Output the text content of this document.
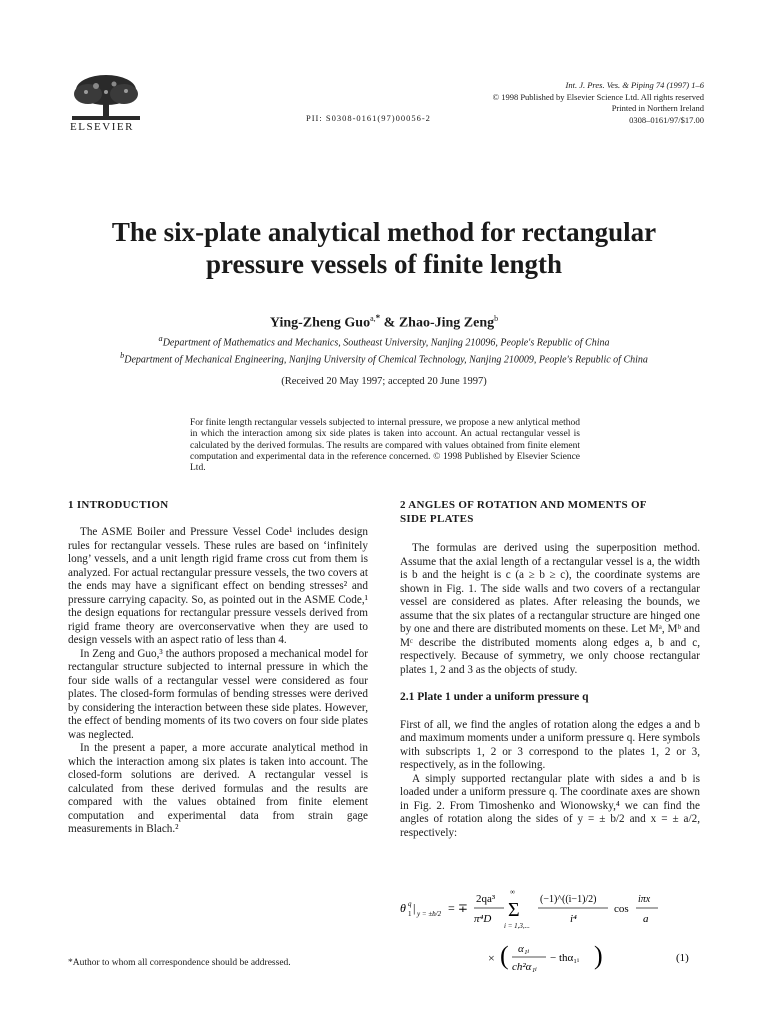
ELSEVIER
PII: S0308-0161(97)00056-2
Int. J. Pres. Ves. & Piping 74 (1997) 1–6
© 1998 Published by Elsevier Science Ltd. All rights reserved
Printed in Northern Ireland
0308–0161/97/$17.00
The six-plate analytical method for rectangular
pressure vessels of finite length
Ying-Zheng Guo$^{a,*}$ & Zhao-Jing Zeng$^b$
$^a$Department of Mathematics and Mechanics, Southeast University, Nanjing 210096, People's Republic of China
$^b$Department of Mechanical Engineering, Nanjing University of Chemical Technology, Nanjing 210009, People's Republic of China
(Received 20 May 1997; accepted 20 June 1997)
For finite length rectangular vessels subjected to internal pressure, we propose a new anlytical method in which the interaction among six side plates is taken into account. An actual rectangular vessel is calculated by the derived formulas. The results are compared with values obtained from finite element computation and experimental data in the reference concerned. © 1998 Published by Elsevier Science Ltd.
1 INTRODUCTION

The ASME Boiler and Pressure Vessel Code¹ includes design rules for rectangular vessels. These rules are based on ‘infinitely long’ vessels, and a unit length rigid frame cross cut from them is analyzed. For actual rectangular pressure vessels, the two covers at the ends may have a significant effect on bending stresses² and pressure carrying capacity. So, as pointed out in the ASME Code,¹ the design equations for rectangular pressure vessels derived from rigid frame theory are overconservative when they are used to design vessels with an aspect ratio of less than 4.

In Zeng and Guo,³ the authors proposed a mechanical model for rectangular structure subjected to internal pressure in which the four side walls of a rectangular vessel were considered as four plates. The closed-form formulas of bending stresses were derived by considering the interaction between these side plates. However, the effect of bending moments of its two covers on four side plates was neglected.

In the present a paper, a more accurate analytical method in which the interaction among six plates is taken into account. The closed-form solutions are derived. A rectangular vessel is calculated from these derived formulas and the results are compared with the values obtained from finite element computation and experimental data from strain gage measurements in Blach.²

*Author to whom all correspondence should be addressed.
2 ANGLES OF ROTATION AND MOMENTS OF
SIDE PLATES

The formulas are derived using the superposition method. Assume that the axial length of a rectangular vessel is a, the width is b and the height is c (a ≥ b ≥ c), the coordinate systems are shown in Fig. 1. The side walls and two covers of a rectangular vessel are considered as plates. After releasing the bounds, we assume that the six plates of a rectangular structure are hinged one by one and there are distributed moments on these. Let Mᵃ, Mᵇ and Mᶜ describe the distributed moments along edges a, b and c, respectively. Because of symmetry, we only choose rectangular plates 1, 2 and 3 as the objects of study.

2.1 Plate 1 under a uniform pressure q

First of all, we find the angles of rotation along the edges a and b and maximum moments under a uniform pressure q. Here symbols with subscripts 1, 2 or 3 correspond to the plates 1, 2 or 3, respectively, as in the following.

A simply supported rectangular plate with sides a and b is loaded under a uniform pressure q. The coordinate axes are shown in Fig. 2. From Timoshenko and Wionowsky,⁴ we can find the angles of rotation along the sides of y = ± b/2 and x = ± a/2, respectively:

θ q
1 | y = ±b/2 = ∓
2qa³
π⁴D Σ
∞
i = 1,3,...
(−1)^((i−1)/2)
i⁴
cos
iπx
a
× ( α₁ᵢ
ch²α₁ᵢ
− thα₁ᵢ )	(1)
